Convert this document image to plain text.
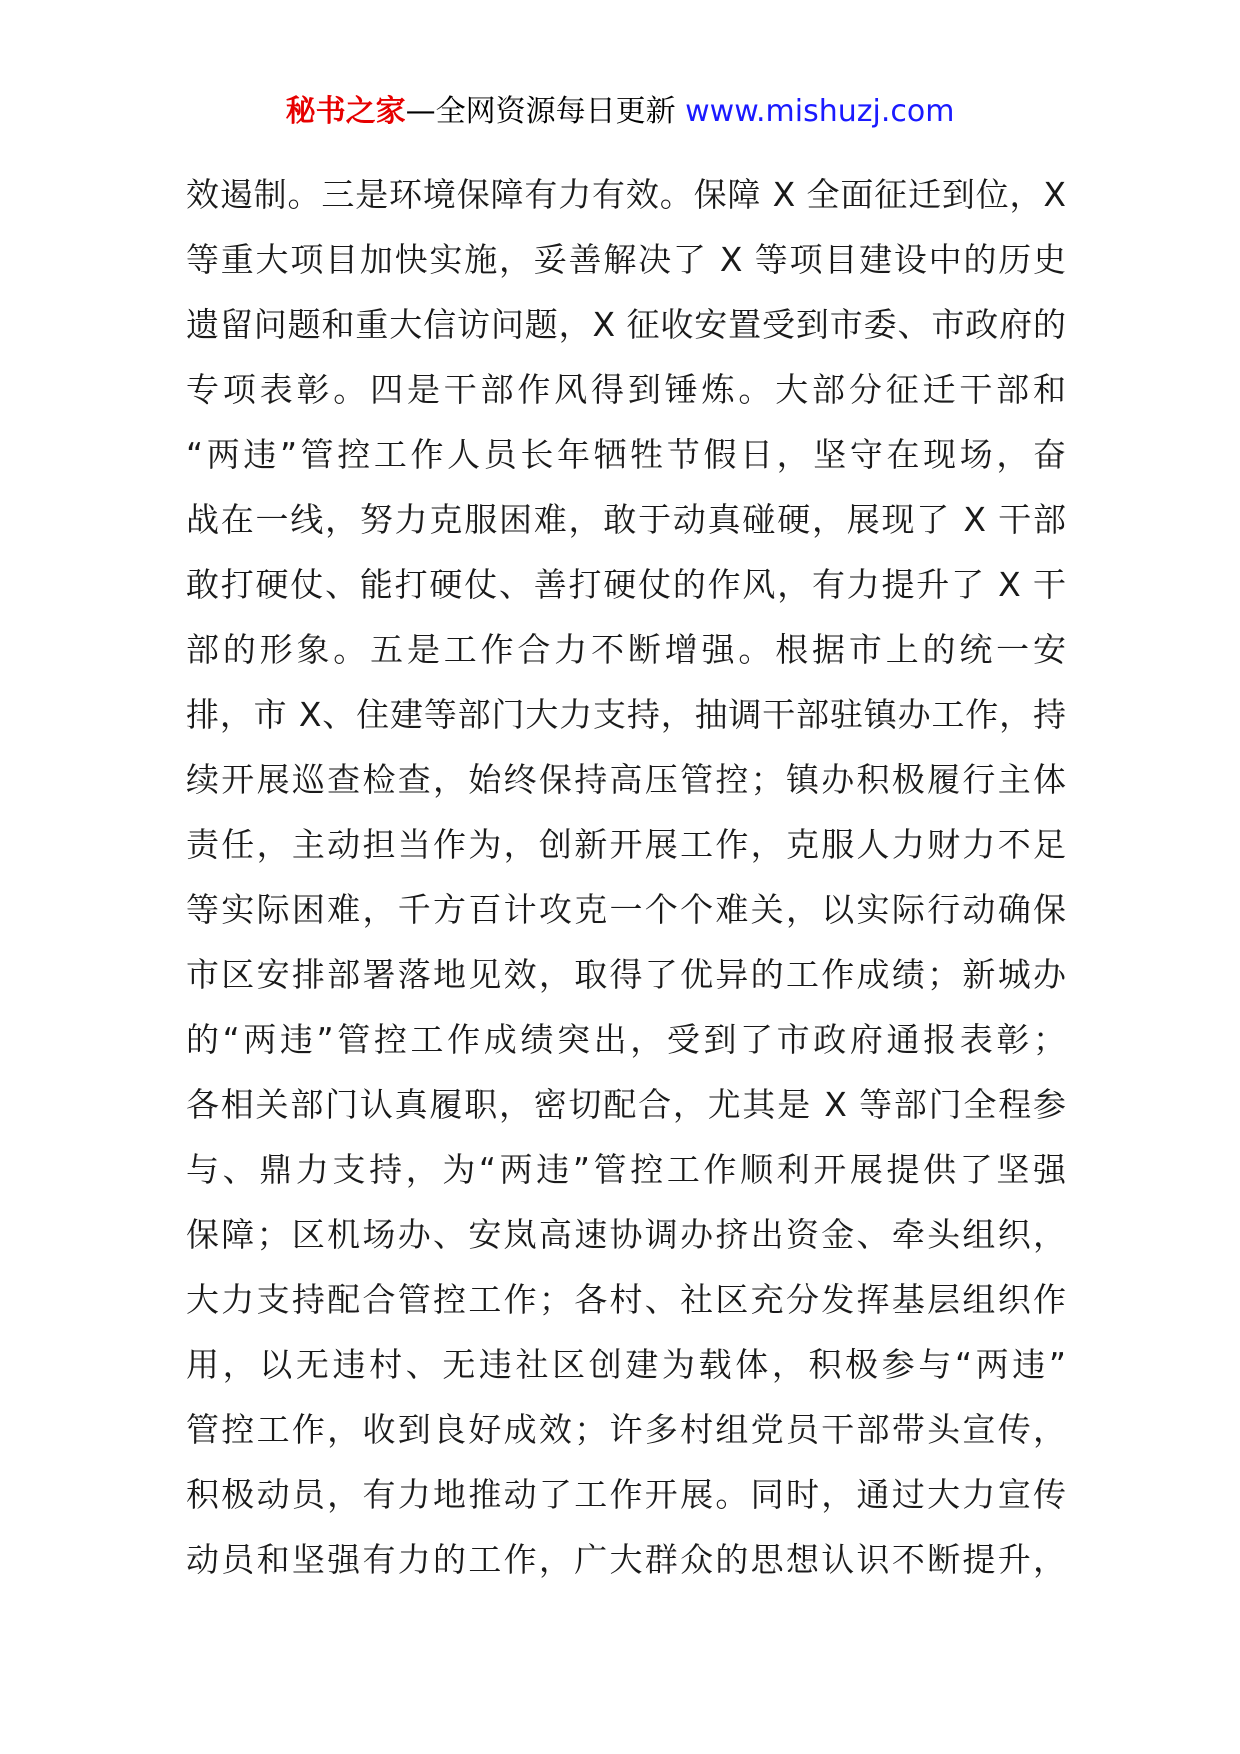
秘书之家—全网资源每日更新 www.mishuzj.com
效遏制。三是环境保障有力有效。保障 X 全面征迁到位，X
等重大项目加快实施，妥善解决了 X 等项目建设中的历史
遗留问题和重大信访问题，X 征收安置受到市委、市政府的
专项表彰。四是干部作风得到锤炼。大部分征迁干部和
“两违”管控工作人员长年牺牲节假日，坚守在现场，奋
战在一线，努力克服困难，敢于动真碰硬，展现了 X 干部
敢打硬仗、能打硬仗、善打硬仗的作风，有力提升了 X 干
部的形象。五是工作合力不断增强。根据市上的统一安
排，市 X、住建等部门大力支持，抽调干部驻镇办工作，持
续开展巡查检查，始终保持高压管控；镇办积极履行主体
责任，主动担当作为，创新开展工作，克服人力财力不足
等实际困难，千方百计攻克一个个难关，以实际行动确保
市区安排部署落地见效，取得了优异的工作成绩；新城办
的“两违”管控工作成绩突出，受到了市政府通报表彰；
各相关部门认真履职，密切配合，尤其是 X 等部门全程参
与、鼎力支持，为“两违”管控工作顺利开展提供了坚强
保障；区机场办、安岚高速协调办挤出资金、牵头组织，
大力支持配合管控工作；各村、社区充分发挥基层组织作
用，以无违村、无违社区创建为载体，积极参与“两违”
管控工作，收到良好成效；许多村组党员干部带头宣传，
积极动员，有力地推动了工作开展。同时，通过大力宣传
动员和坚强有力的工作，广大群众的思想认识不断提升，
